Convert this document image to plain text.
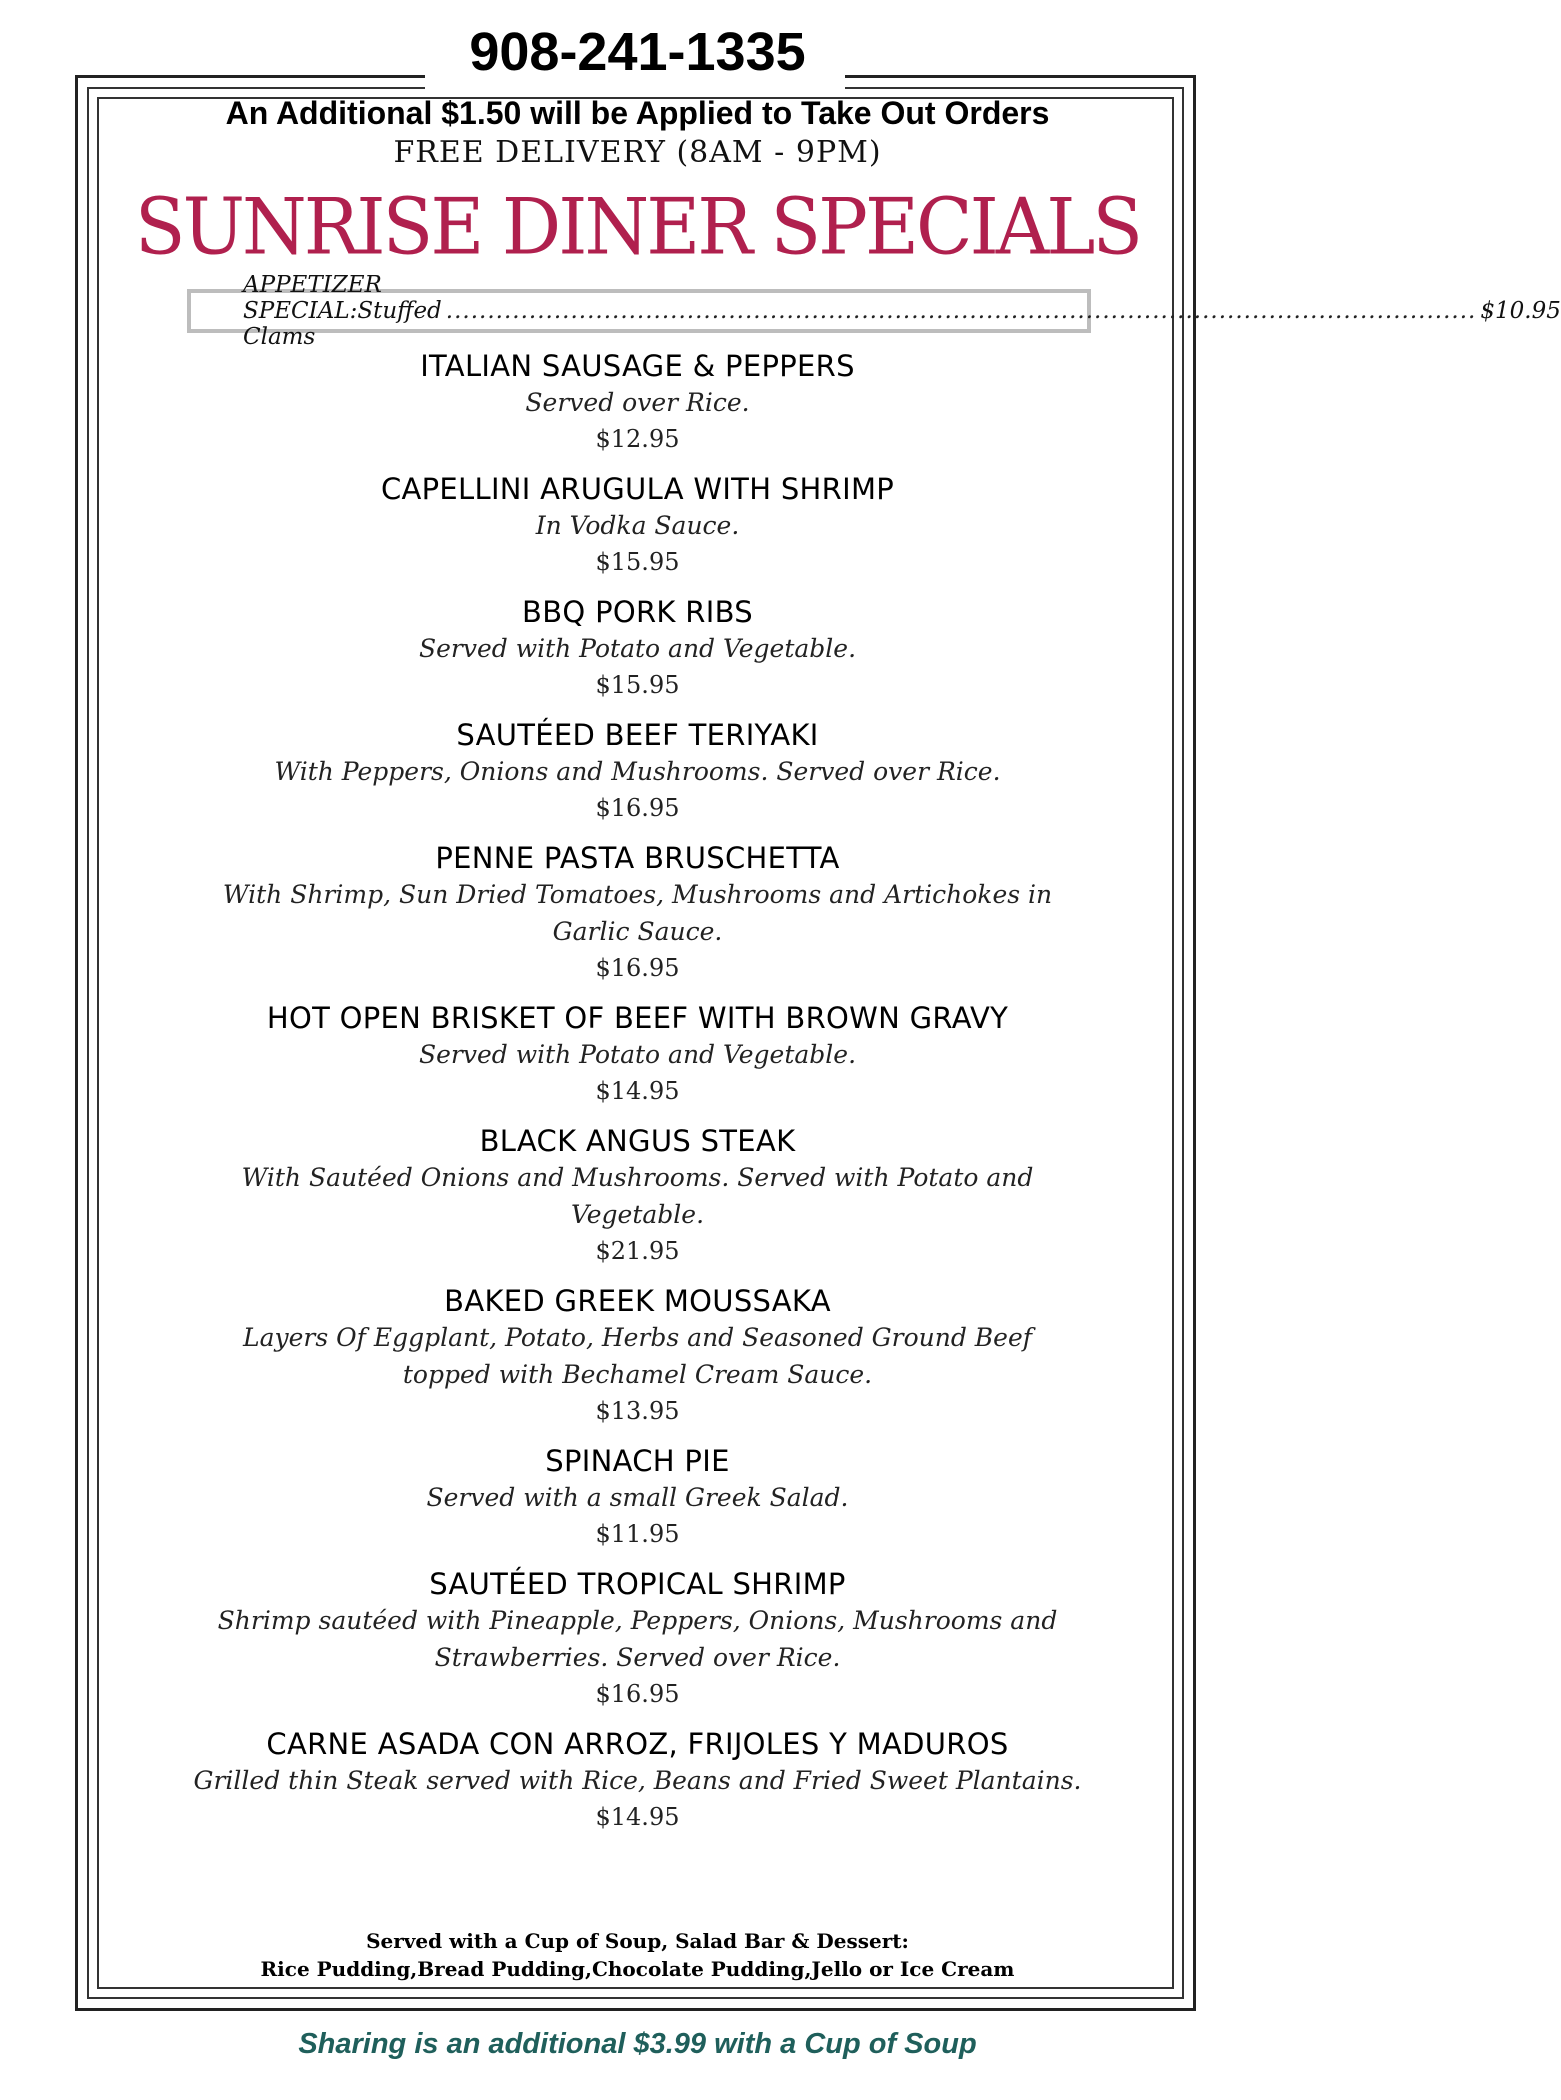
908-241-1335
An Additional $1.50 will be Applied to Take Out Orders
FREE DELIVERY (8AM - 9PM)
SUNRISE DINER SPECIALS
APPETIZER SPECIAL:Stuffed Clams
............................................................................................................................ $10.95
ITALIAN SAUSAGE & PEPPERS
Served over Rice.
$12.95
CAPELLINI ARUGULA WITH SHRIMP
In Vodka Sauce.
$15.95
BBQ PORK RIBS
Served with Potato and Vegetable.
$15.95
SAUTÉED BEEF TERIYAKI
With Peppers, Onions and Mushrooms. Served over Rice.
$16.95
PENNE PASTA BRUSCHETTA
With Shrimp, Sun Dried Tomatoes, Mushrooms and Artichokes in Garlic Sauce.
$16.95
HOT OPEN BRISKET OF BEEF WITH BROWN GRAVY
Served with Potato and Vegetable.
$14.95
BLACK ANGUS STEAK
With Sautéed Onions and Mushrooms. Served with Potato and Vegetable.
$21.95
BAKED GREEK MOUSSAKA
Layers Of Eggplant, Potato, Herbs and Seasoned Ground Beef topped with Bechamel Cream Sauce.
$13.95
SPINACH PIE
Served with a small Greek Salad.
$11.95
SAUTÉED TROPICAL SHRIMP
Shrimp sautéed with Pineapple, Peppers, Onions, Mushrooms and Strawberries. Served over Rice.
$16.95
CARNE ASADA CON ARROZ, FRIJOLES Y MADUROS
Grilled thin Steak served with Rice, Beans and Fried Sweet Plantains.
$14.95
Served with a Cup of Soup, Salad Bar & Dessert:
Rice Pudding,Bread Pudding,Chocolate Pudding,Jello or Ice Cream
Sharing is an additional $3.99 with a Cup of Soup
